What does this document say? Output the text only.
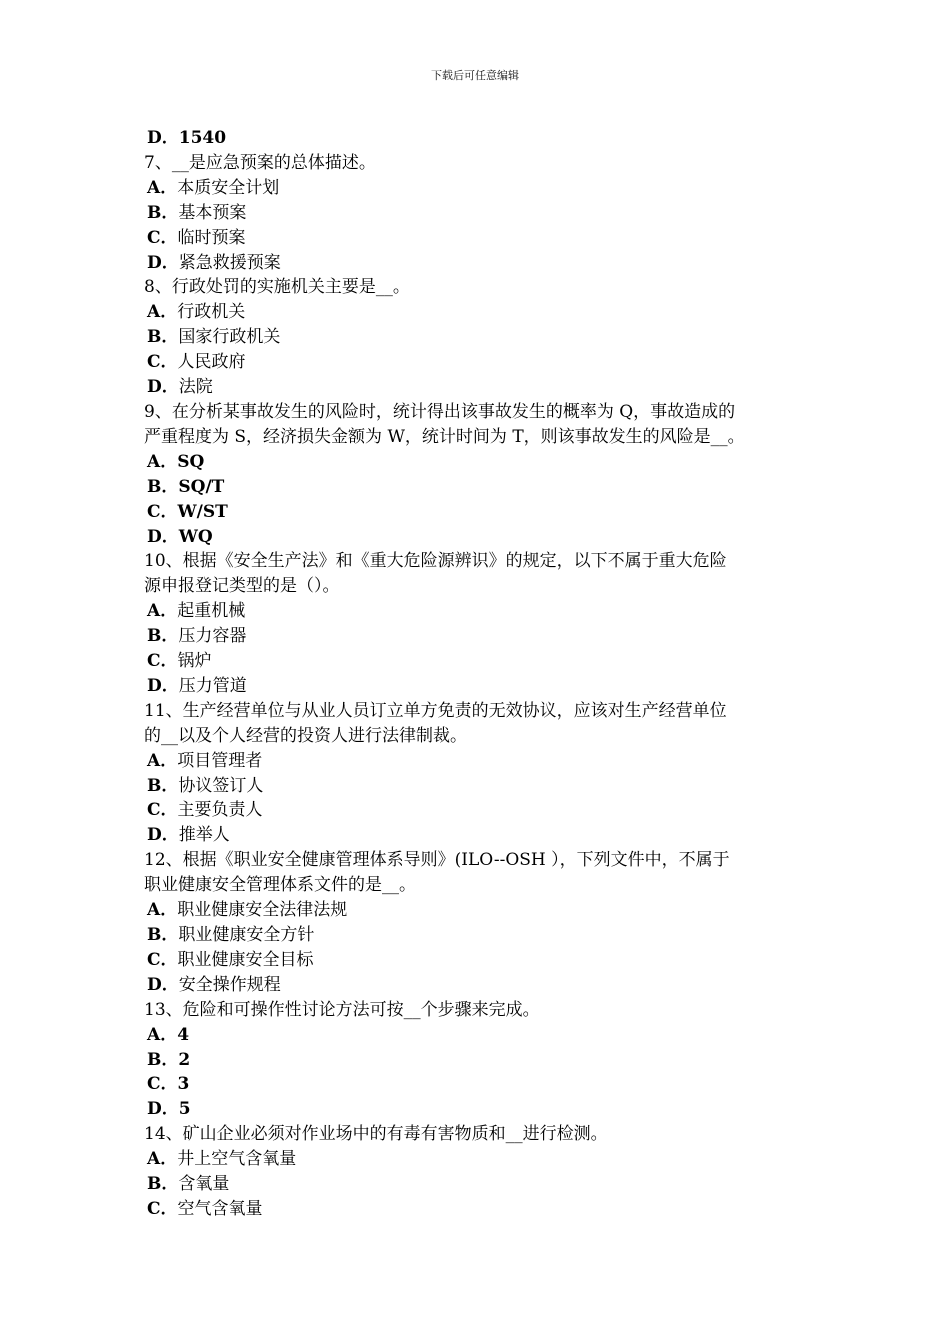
下载后可任意编辑
D．1540
7、__是应急预案的总体描述。
A．本质安全计划
B．基本预案
C．临时预案
D．紧急救援预案
8、行政处罚的实施机关主要是__。
A．行政机关
B．国家行政机关
C．人民政府
D．法院
9、在分析某事故发生的风险时，统计得出该事故发生的概率为 Q，事故造成的
严重程度为 S，经济损失金额为 W，统计时间为 T，则该事故发生的风险是__。
A．SQ
B．SQ/T
C．W/ST
D．WQ
10、根据《安全生产法》和《重大危险源辨识》的规定，以下不属于重大危险
源申报登记类型的是（）。
A．起重机械
B．压力容器
C．锅炉
D．压力管道
11、生产经营单位与从业人员订立单方免责的无效协议，应该对生产经营单位
的__以及个人经营的投资人进行法律制裁。
A．项目管理者
B．协议签订人
C．主要负责人
D．推举人
12、根据《职业安全健康管理体系导则》(ILO--OSH ），下列文件中，不属于
职业健康安全管理体系文件的是__。
A．职业健康安全法律法规
B．职业健康安全方针
C．职业健康安全目标
D．安全操作规程
13、危险和可操作性讨论方法可按__个步骤来完成。
A．4
B．2
C．3
D．5
14、矿山企业必须对作业场中的有毒有害物质和__进行检测。
A．井上空气含氧量
B．含氧量
C．空气含氧量
